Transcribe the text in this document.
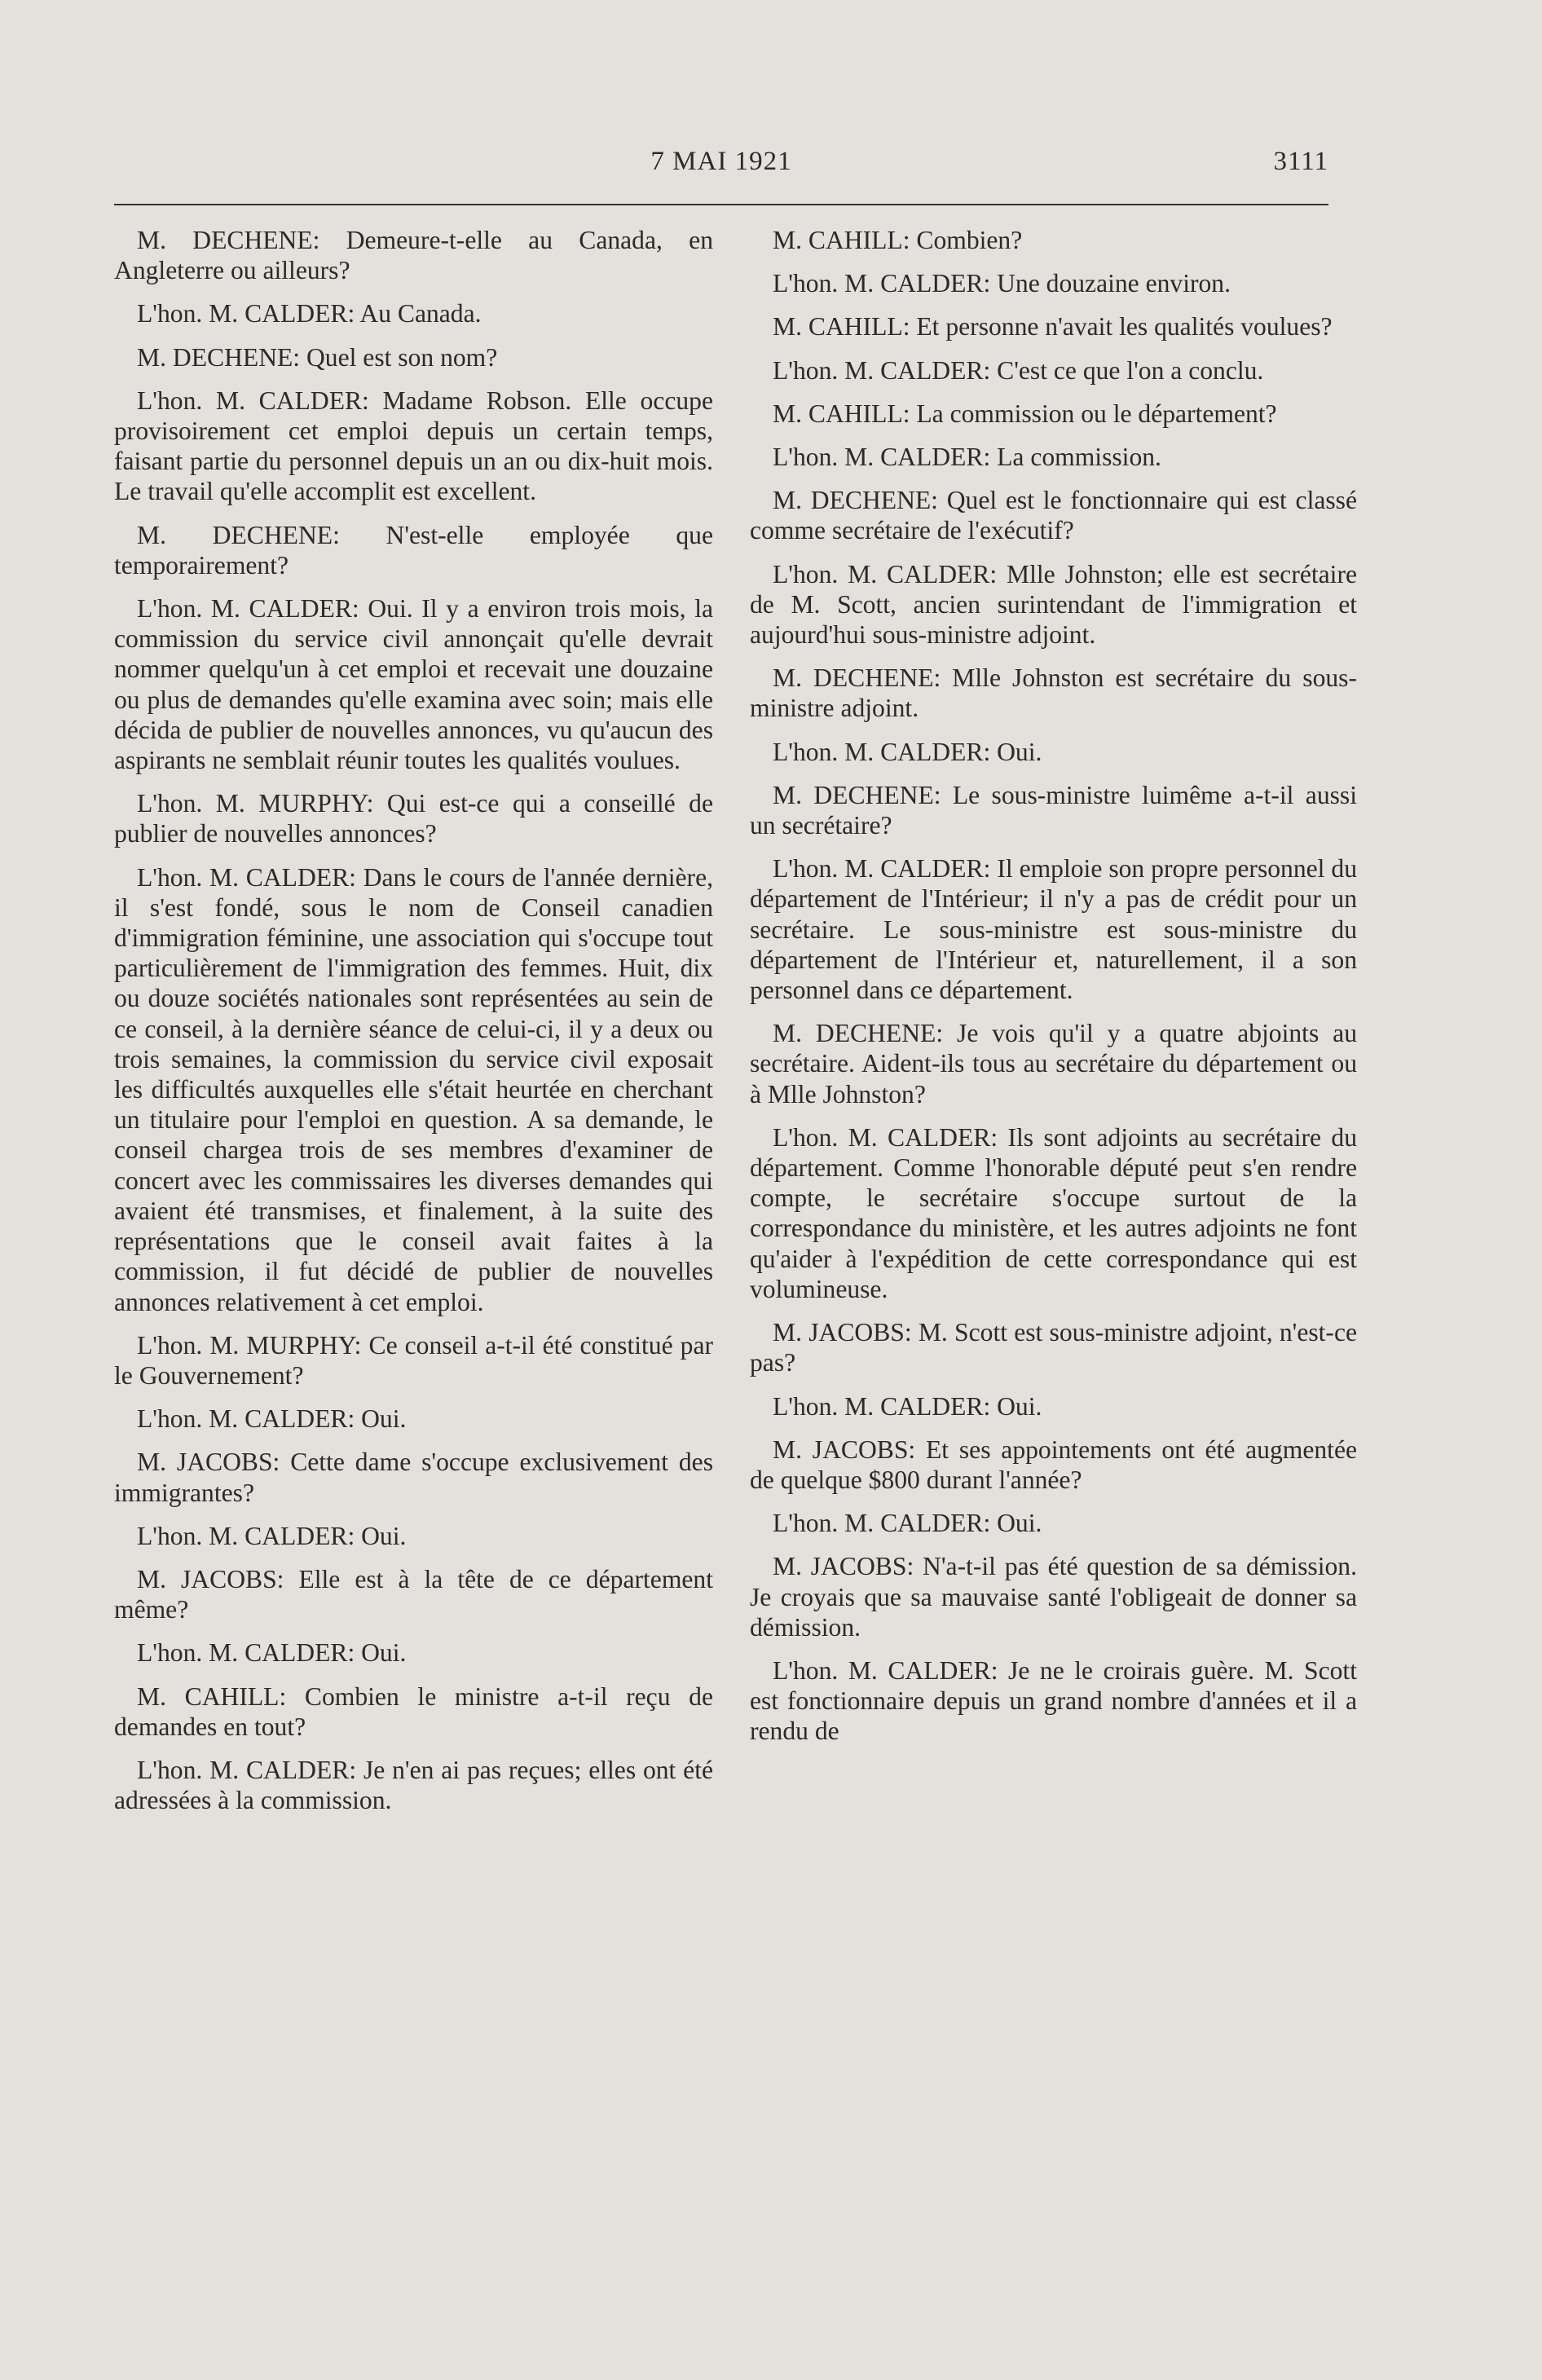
7 MAI 1921	3111

M. DECHENE: Demeure-t-elle au Canada, en Angleterre ou ailleurs?

L'hon. M. CALDER: Au Canada.

M. DECHENE: Quel est son nom?

L'hon. M. CALDER: Madame Robson. Elle occupe provisoirement cet emploi depuis un certain temps, faisant partie du personnel depuis un an ou dix-huit mois. Le travail qu'elle accomplit est excellent.

M. DECHENE: N'est-elle employée que temporairement?

L'hon. M. CALDER: Oui. Il y a environ trois mois, la commission du service civil annonçait qu'elle devrait nommer quelqu'un à cet emploi et recevait une douzaine ou plus de demandes qu'elle examina avec soin; mais elle décida de publier de nouvelles annonces, vu qu'aucun des aspirants ne semblait réunir toutes les qualités voulues.

L'hon. M. MURPHY: Qui est-ce qui a conseillé de publier de nouvelles annonces?

L'hon. M. CALDER: Dans le cours de l'année dernière, il s'est fondé, sous le nom de Conseil canadien d'immigration féminine, une association qui s'occupe tout particulièrement de l'immigration des femmes. Huit, dix ou douze sociétés nationales sont représentées au sein de ce conseil, à la dernière séance de celui-ci, il y a deux ou trois semaines, la commission du service civil exposait les difficultés auxquelles elle s'était heurtée en cherchant un titulaire pour l'emploi en question. A sa demande, le conseil chargea trois de ses membres d'examiner de concert avec les commissaires les diverses demandes qui avaient été transmises, et finalement, à la suite des représentations que le conseil avait faites à la commission, il fut décidé de publier de nouvelles annonces relativement à cet emploi.

L'hon. M. MURPHY: Ce conseil a-t-il été constitué par le Gouvernement?

L'hon. M. CALDER: Oui.

M. JACOBS: Cette dame s'occupe exclusivement des immigrantes?

L'hon. M. CALDER: Oui.

M. JACOBS: Elle est à la tête de ce département même?

L'hon. M. CALDER: Oui.

M. CAHILL: Combien le ministre a-t-il reçu de demandes en tout?

L'hon. M. CALDER: Je n'en ai pas reçues; elles ont été adressées à la commission.

M. CAHILL: Combien?

L'hon. M. CALDER: Une douzaine environ.

M. CAHILL: Et personne n'avait les qualités voulues?

L'hon. M. CALDER: C'est ce que l'on a conclu.

M. CAHILL: La commission ou le département?

L'hon. M. CALDER: La commission.

M. DECHENE: Quel est le fonctionnaire qui est classé comme secrétaire de l'exécutif?

L'hon. M. CALDER: Mlle Johnston; elle est secrétaire de M. Scott, ancien surintendant de l'immigration et aujourd'hui sous-ministre adjoint.

M. DECHENE: Mlle Johnston est secrétaire du sous-ministre adjoint.

L'hon. M. CALDER: Oui.

M. DECHENE: Le sous-ministre luimême a-t-il aussi un secrétaire?

L'hon. M. CALDER: Il emploie son propre personnel du département de l'Intérieur; il n'y a pas de crédit pour un secrétaire. Le sous-ministre est sous-ministre du département de l'Intérieur et, naturellement, il a son personnel dans ce département.

M. DECHENE: Je vois qu'il y a quatre abjoints au secrétaire. Aident-ils tous au secrétaire du département ou à Mlle Johnston?

L'hon. M. CALDER: Ils sont adjoints au secrétaire du département. Comme l'honorable député peut s'en rendre compte, le secrétaire s'occupe surtout de la correspondance du ministère, et les autres adjoints ne font qu'aider à l'expédition de cette correspondance qui est volumineuse.

M. JACOBS: M. Scott est sous-ministre adjoint, n'est-ce pas?

L'hon. M. CALDER: Oui.

M. JACOBS: Et ses appointements ont été augmentée de quelque $800 durant l'année?

L'hon. M. CALDER: Oui.

M. JACOBS: N'a-t-il pas été question de sa démission. Je croyais que sa mauvaise santé l'obligeait de donner sa démission.

L'hon. M. CALDER: Je ne le croirais guère. M. Scott est fonctionnaire depuis un grand nombre d'années et il a rendu de
